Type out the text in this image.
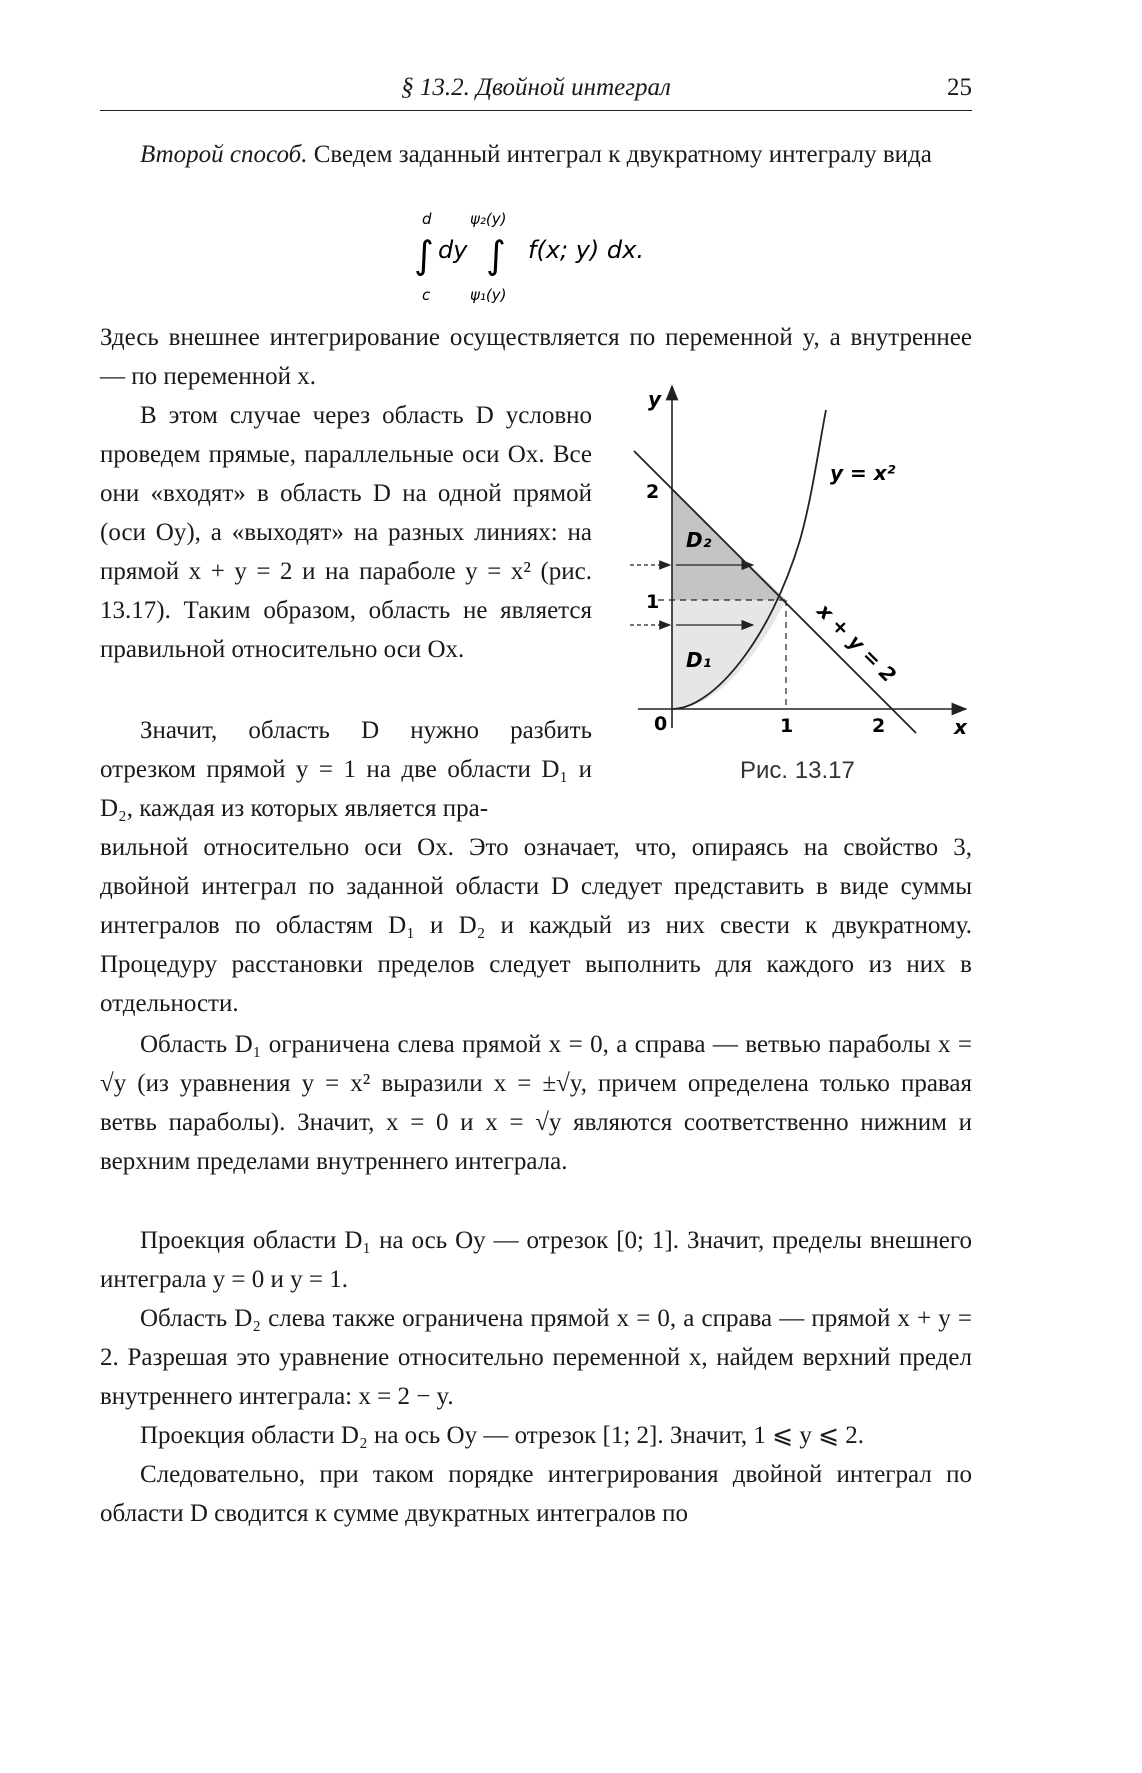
§ 13.2. Двойной интеграл	25

Второй способ. Сведем заданный интеграл к двукратному интегралу вида

d
∫
c
dy
ψ₂(y)
∫
ψ₁(y)
f(x; y) dx.

Здесь внешнее интегрирование осуществляется по переменной y, а внутреннее — по переменной x.

В этом случае через область D условно проведем прямые, параллельные оси Ox. Все они «входят» в область D на одной прямой (оси Oy), а «выходят» на разных линиях: на прямой x + y = 2 и на параболе y = x² (рис. 13.17). Таким образом, область не является правильной относительно оси Ox.

Значит, область D нужно разбить отрезком прямой y = 1 на две области D₁ и D₂, каждая из которых является пра-

вильной относительно оси Ox. Это означает, что, опираясь на свойство 3, двойной интеграл по заданной области D следует представить в виде суммы интегралов по областям D₁ и D₂ и каждый из них свести к двукратному. Процедуру расстановки пределов следует выполнить для каждого из них в отдельности.

Область D₁ ограничена слева прямой x = 0, а справа — ветвью параболы x = √y (из уравнения y = x² выразили x = ±√y, причем определена только правая ветвь параболы). Значит, x = 0 и x = √y являются соответственно нижним и верхним пределами внутреннего интеграла.

Проекция области D₁ на ось Oy — отрезок [0; 1]. Значит, пределы внешнего интеграла y = 0 и y = 1.

Область D₂ слева также ограничена прямой x = 0, а справа — прямой x + y = 2. Разрешая это уравнение относительно переменной x, найдем верхний предел внутреннего интеграла: x = 2 − y.

Проекция области D₂ на ось Oy — отрезок [1; 2]. Значит, 1 ⩽ y ⩽ 2.

Следовательно, при таком порядке интегрирования двойной интеграл по области D сводится к сумме двукратных интегралов по

y
x
0
2
1
1	2
y = x²
x + y = 2
D₂
D₁
Рис. 13.17
